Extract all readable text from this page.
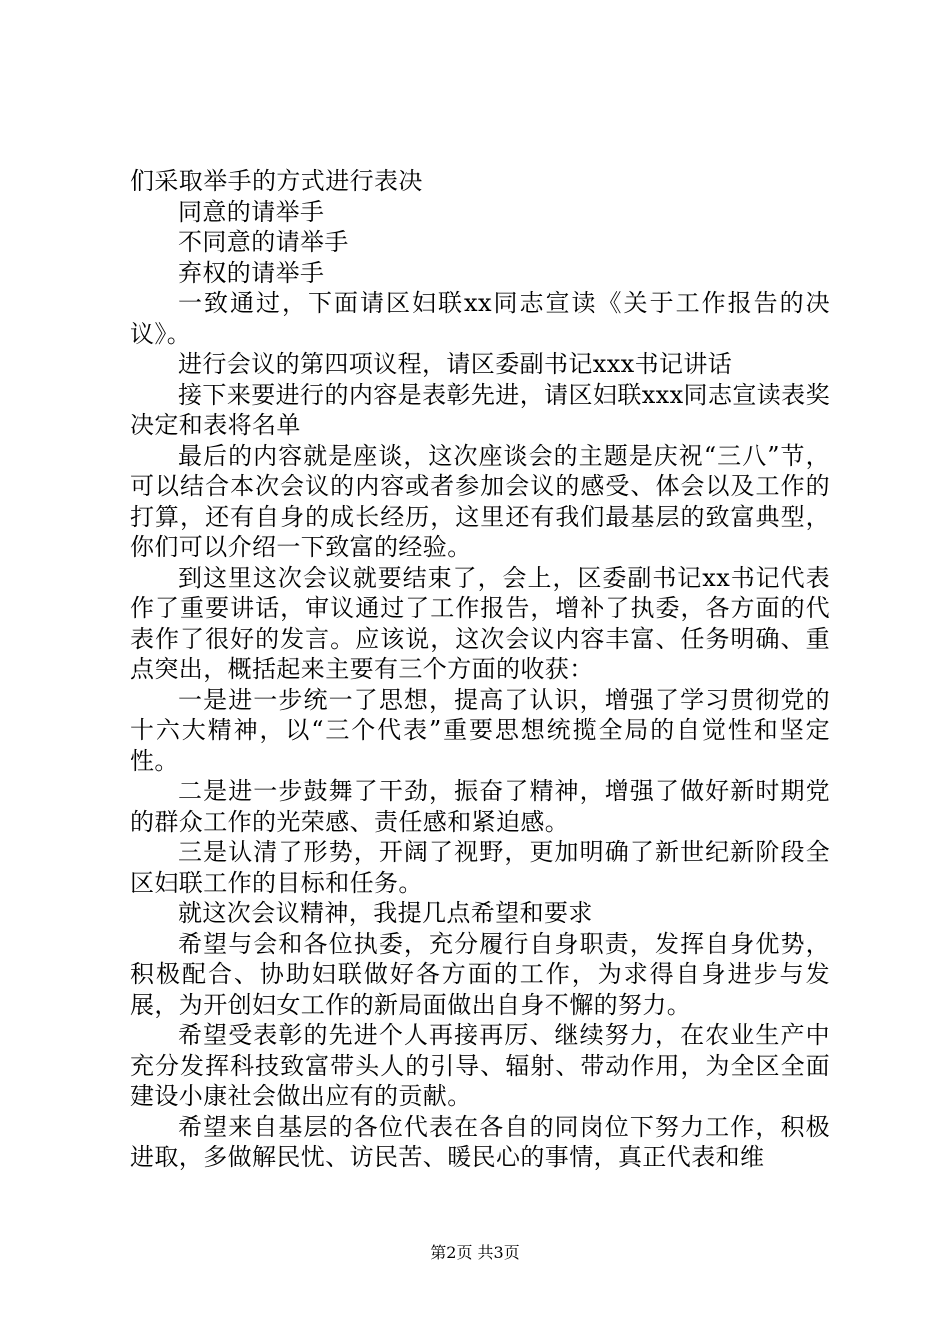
们采取举手的方式进行表决

同意的请举手

不同意的请举手

弃权的请举手

一致通过，下面请区妇联xx同志宣读《关于工作报告的决议》。

进行会议的第四项议程，请区委副书记xxx书记讲话

接下来要进行的内容是表彰先进，请区妇联xxx同志宣读表奖决定和表将名单

最后的内容就是座谈，这次座谈会的主题是庆祝“三八”节，可以结合本次会议的内容或者参加会议的感受、体会以及工作的打算，还有自身的成长经历，这里还有我们最基层的致富典型，你们可以介绍一下致富的经验。

到这里这次会议就要结束了，会上，区委副书记xx书记代表作了重要讲话，审议通过了工作报告，增补了执委，各方面的代表作了很好的发言。应该说，这次会议内容丰富、任务明确、重点突出，概括起来主要有三个方面的收获：

一是进一步统一了思想，提高了认识，增强了学习贯彻党的十六大精神，以“三个代表”重要思想统揽全局的自觉性和坚定性。

二是进一步鼓舞了干劲，振奋了精神，增强了做好新时期党的群众工作的光荣感、责任感和紧迫感。

三是认清了形势，开阔了视野，更加明确了新世纪新阶段全区妇联工作的目标和任务。

就这次会议精神，我提几点希望和要求

希望与会和各位执委，充分履行自身职责，发挥自身优势，积极配合、协助妇联做好各方面的工作，为求得自身进步与发展，为开创妇女工作的新局面做出自身不懈的努力。

希望受表彰的先进个人再接再厉、继续努力，在农业生产中充分发挥科技致富带头人的引导、辐射、带动作用，为全区全面建设小康社会做出应有的贡献。

希望来自基层的各位代表在各自的同岗位下努力工作，积极进取，多做解民忧、访民苦、暖民心的事情，真正代表和维

第2页 共3页
